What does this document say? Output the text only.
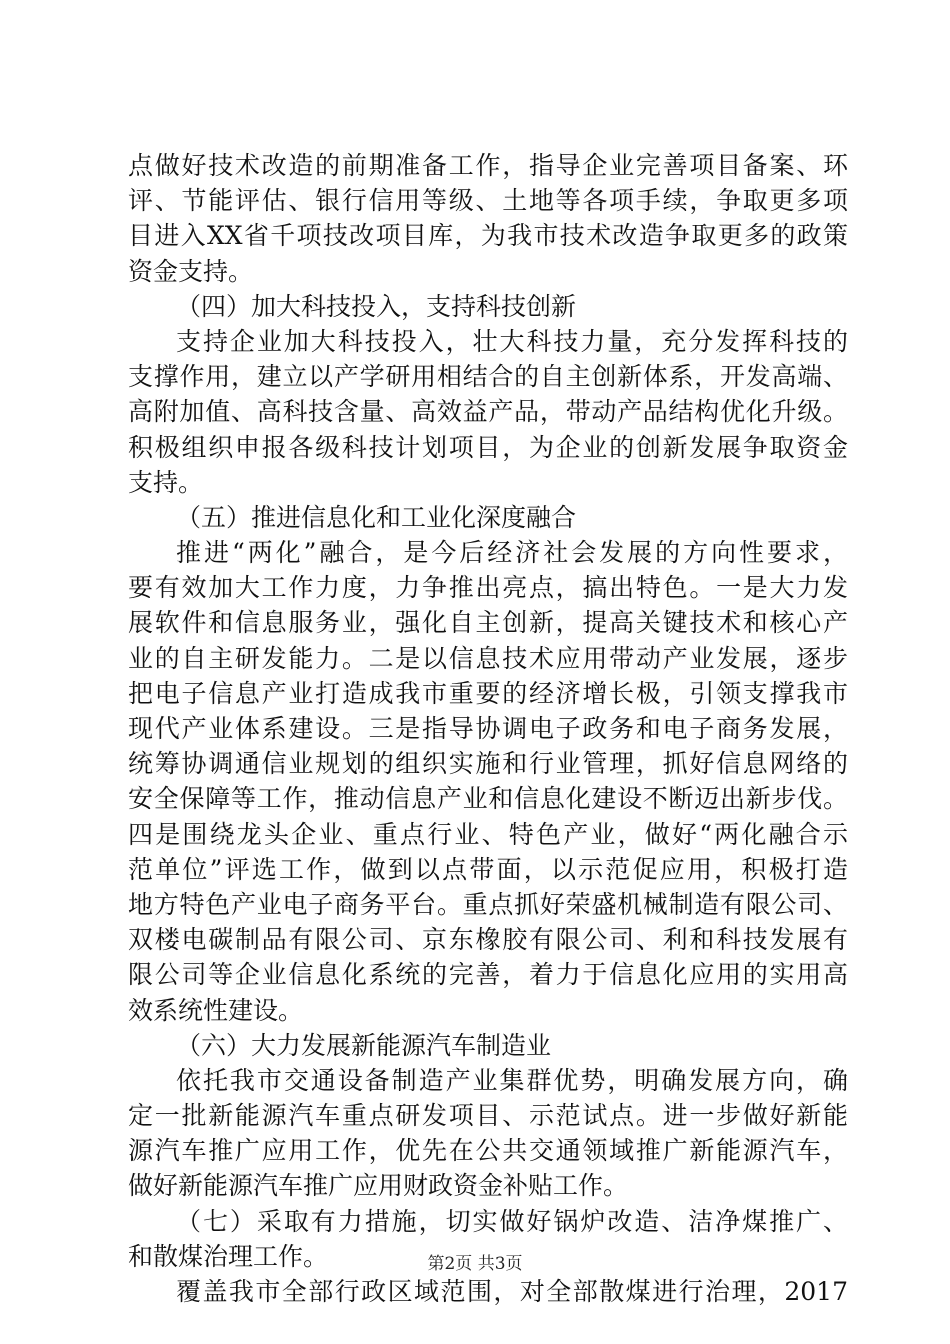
点做好技术改造的前期准备工作，指导企业完善项目备案、环
评、节能评估、银行信用等级、土地等各项手续，争取更多项
目进入XX省千项技改项目库，为我市技术改造争取更多的政策
资金支持。
（四）加大科技投入，支持科技创新
支持企业加大科技投入，壮大科技力量，充分发挥科技的
支撑作用，建立以产学研用相结合的自主创新体系，开发高端、
高附加值、高科技含量、高效益产品，带动产品结构优化升级。
积极组织申报各级科技计划项目，为企业的创新发展争取资金
支持。
（五）推进信息化和工业化深度融合
推进“两化”融合，是今后经济社会发展的方向性要求，
要有效加大工作力度，力争推出亮点，搞出特色。一是大力发
展软件和信息服务业，强化自主创新，提高关键技术和核心产
业的自主研发能力。二是以信息技术应用带动产业发展，逐步
把电子信息产业打造成我市重要的经济增长极，引领支撑我市
现代产业体系建设。三是指导协调电子政务和电子商务发展，
统筹协调通信业规划的组织实施和行业管理，抓好信息网络的
安全保障等工作，推动信息产业和信息化建设不断迈出新步伐。
四是围绕龙头企业、重点行业、特色产业，做好“两化融合示
范单位”评选工作，做到以点带面，以示范促应用，积极打造
地方特色产业电子商务平台。重点抓好荣盛机械制造有限公司、
双楼电碳制品有限公司、京东橡胶有限公司、利和科技发展有
限公司等企业信息化系统的完善，着力于信息化应用的实用高
效系统性建设。
（六）大力发展新能源汽车制造业
依托我市交通设备制造产业集群优势，明确发展方向，确
定一批新能源汽车重点研发项目、示范试点。进一步做好新能
源汽车推广应用工作，优先在公共交通领域推广新能源汽车，
做好新能源汽车推广应用财政资金补贴工作。
（七）采取有力措施，切实做好锅炉改造、洁净煤推广、
和散煤治理工作。
覆盖我市全部行政区域范围，对全部散煤进行治理，2017
第2页 共3页
